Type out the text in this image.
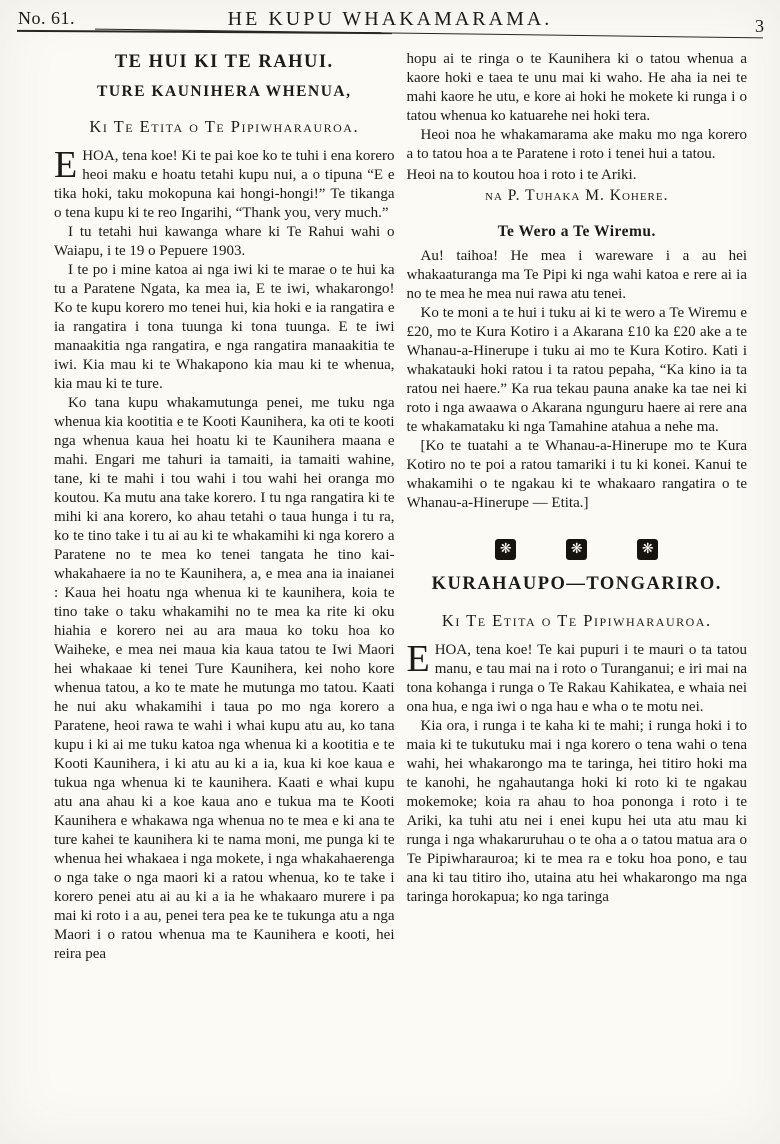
No. 61.	HE KUPU WHAKAMARAMA.	3
TE HUI KI TE RAHUI.
TURE KAUNIHERA WHENUA,
Ki Te Etita o Te Pipiwharauroa.

EHOA, tena koe! Ki te pai koe ko te tuhi i ena korero heoi maku e hoatu tetahi kupu nui, a o tipuna “E e tika hoki, taku mokopuna kai hongi-hongi!” Te tikanga o tena kupu ki te reo Ingarihi, “Thank you, very much.”

I tu tetahi hui kawanga whare ki Te Rahui wahi o Waiapu, i te 19 o Pepuere 1903.

I te po i mine katoa ai nga iwi ki te marae o te hui ka tu a Paratene Ngata, ka mea ia, E te iwi, whakarongo! Ko te kupu korero mo tenei hui, kia hoki e ia rangatira e ia rangatira i tona tuunga ki tona tuunga. E te iwi manaakitia nga rangatira, e nga rangatira manaakitia te iwi. Kia mau ki te Whakapono kia mau ki te whenua, kia mau ki te ture.

Ko tana kupu whakamutunga penei, me tuku nga whenua kia kootitia e te Kooti Kaunihera, ka oti te kooti nga whenua kaua hei hoatu ki te Kaunihera maana e mahi. Engari me tahuri ia tamaiti, ia tamaiti wahine, tane, ki te mahi i tou wahi i tou wahi hei oranga mo koutou. Ka mutu ana take korero. I tu nga rangatira ki te mihi ki ana korero, ko ahau tetahi o taua hunga i tu ra, ko te tino take i tu ai au ki te whakamihi ki nga korero a Paratene no te mea ko tenei tangata he tino kai-whakahaere ia no te Kaunihera, a, e mea ana ia inaianei : Kaua hei hoatu nga whenua ki te kaunihera, koia te tino take o taku whakamihi no te mea ka rite ki oku hiahia e korero nei au ara maua ko toku hoa ko Waiheke, e mea nei maua kia kaua tatou te Iwi Maori hei whakaae ki tenei Ture Kaunihera, kei noho kore whenua tatou, a ko te mate he mutunga mo tatou. Kaati he nui aku whakamihi i taua po mo nga korero a Paratene, heoi rawa te wahi i whai kupu atu au, ko tana kupu i ki ai me tuku katoa nga whenua ki a kootitia e te Kooti Kaunihera, i ki atu au ki a ia, kua ki koe kaua e tukua nga whenua ki te kaunihera. Kaati e whai kupu atu ana ahau ki a koe kaua ano e tukua ma te Kooti Kaunihera e whakawa nga whenua no te mea e ki ana te ture kahei te kaunihera ki te nama moni, me punga ki te whenua hei whakaea i nga mokete, i nga whakahaerenga o nga take o nga maori ki a ratou whenua, ko te take i korero penei atu ai au ki a ia he whakaaro murere i pa mai ki roto i a au, penei tera pea ke te tukunga atu a nga Maori i o ratou whenua ma te Kaunihera e kooti, hei reira pea

hopu ai te ringa o te Kaunihera ki o tatou whenua a kaore hoki e taea te unu mai ki waho. He aha ia nei te mahi kaore he utu, e kore ai hoki he mokete ki runga i o tatou whenua ko katuarehe nei hoki tera.

Heoi noa he whakamarama ake maku mo nga korero a to tatou hoa a te Paratene i roto i tenei hui a tatou.

Heoi na to koutou hoa i roto i te Ariki.

na P. Tuhaka M. Kohere.
Te Wero a Te Wiremu.

Au! taihoa! He mea i wareware i a au hei whakaaturanga ma Te Pipi ki nga wahi katoa e rere ai ia no te mea he mea nui rawa atu tenei.

Ko te moni a te hui i tuku ai ki te wero a Te Wiremu e £20, mo te Kura Kotiro i a Akarana £10 ka £20 ake a te Whanau-a-Hinerupe i tuku ai mo te Kura Kotiro. Kati i whakatauki hoki ratou i ta ratou pepaha, “Ka kino ia ta ratou nei haere.” Ka rua tekau pauna anake ka tae nei ki roto i nga awaawa o Akarana ngunguru haere ai rere ana te whakamataku ki nga Tamahine atahua a nehe ma.

[Ko te tuatahi a te Whanau-a-Hinerupe mo te Kura Kotiro no te poi a ratou tamariki i tu ki konei. Kanui te whakamihi o te ngakau ki te whakaaro rangatira o te Whanau-a-Hinerupe — Etita.]

❋	❋	❋
KURAHAUPO—TONGARIRO.
Ki Te Etita o Te Pipiwharauroa.

EHOA, tena koe! Te kai pupuri i te mauri o ta tatou manu, e tau mai na i roto o Turanganui; e iri mai na tona kohanga i runga o Te Rakau Kahikatea, e whaia nei ona hua, e nga iwi o nga hau e wha o te motu nei.

Kia ora, i runga i te kaha ki te mahi; i runga hoki i to maia ki te tukutuku mai i nga korero o tena wahi o tena wahi, hei whakarongo ma te taringa, hei titiro hoki ma te kanohi, he ngahautanga hoki ki roto ki te ngakau mokemoke; koia ra ahau to hoa pononga i roto i te Ariki, ka tuhi atu nei i enei kupu hei uta atu mau ki runga i nga whakaruruhau o te oha a o tatou matua ara o Te Pipiwharauroa; ki te mea ra e toku hoa pono, e tau ana ki tau titiro iho, utaina atu hei whakarongo ma nga taringa horokapua; ko nga taringa
